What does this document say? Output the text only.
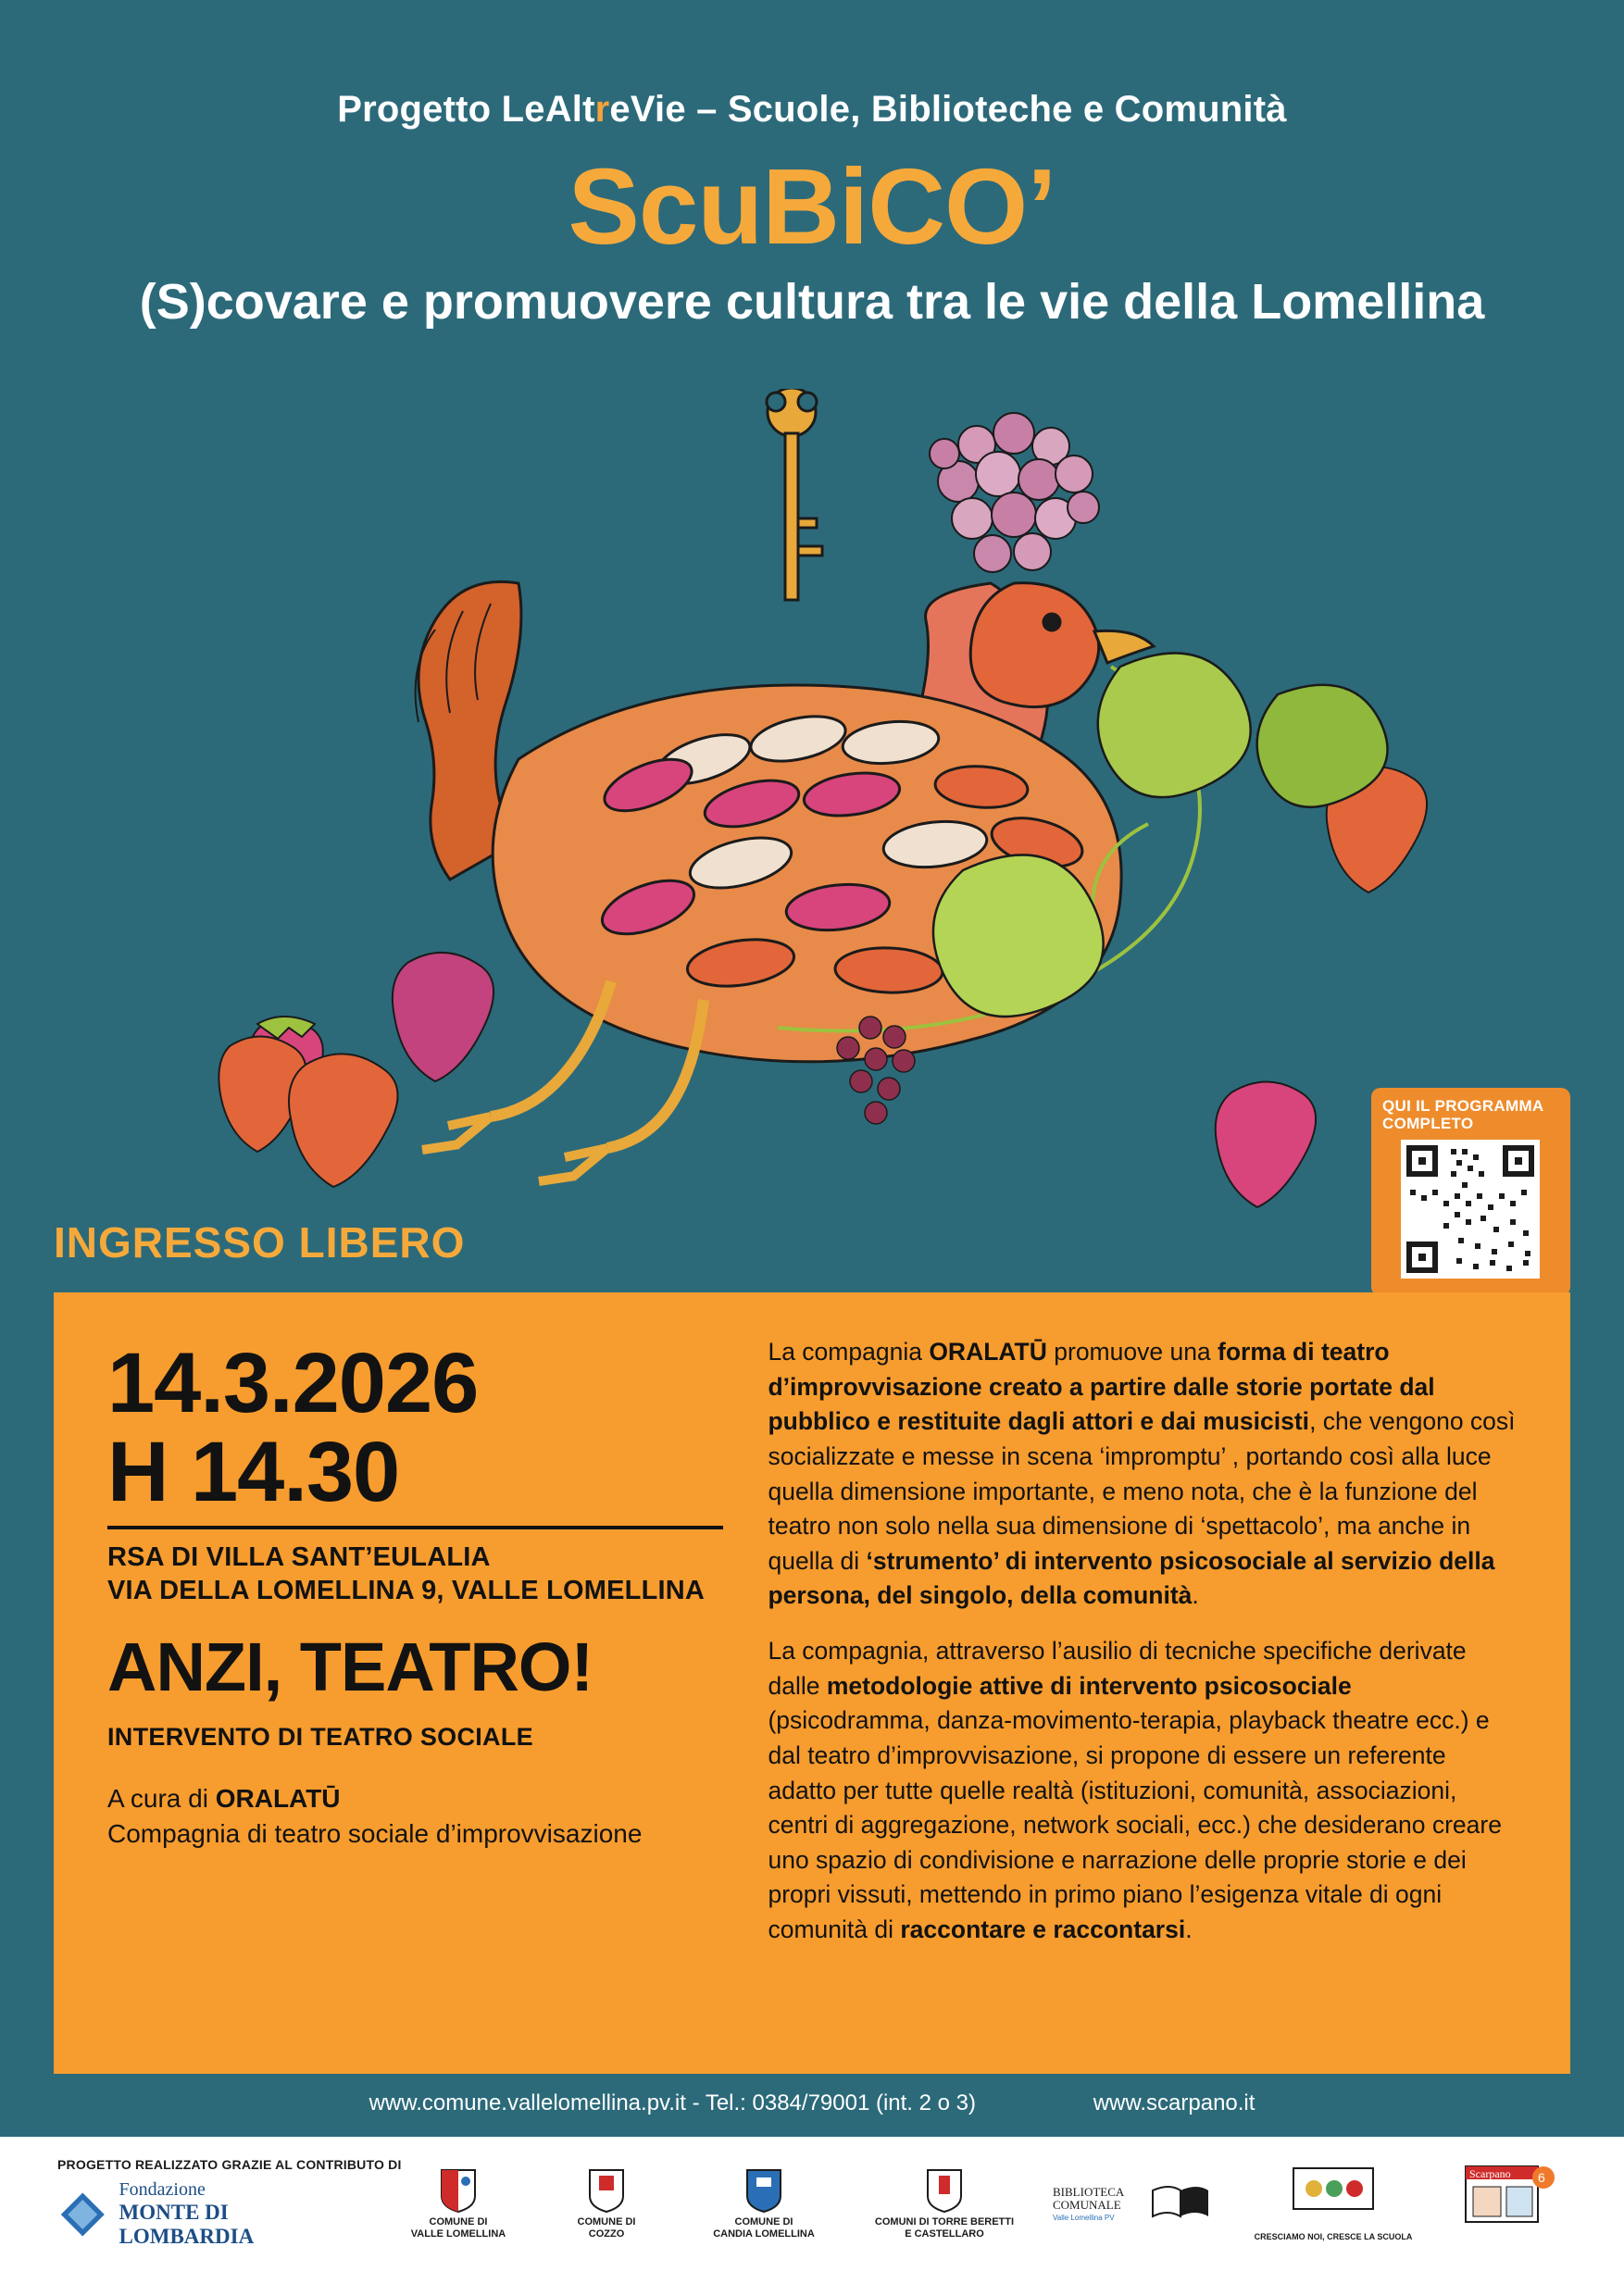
Progetto LeAltreVie – Scuole, Biblioteche e Comunità
ScuBiCO’
(S)covare e promuovere cultura tra le vie della Lomellina
QUI IL PROGRAMMA
COMPLETO
INGRESSO LIBERO
14.3.2026
H 14.30
RSA DI VILLA SANT’EULALIA
VIA DELLA LOMELLINA 9, VALLE LOMELLINA
ANZI, TEATRO!
INTERVENTO DI TEATRO SOCIALE
A cura di ORALATŪ
Compagnia di teatro sociale d’improvvisazione

La compagnia ORALATŪ promuove una forma di teatro d’improvvisazione creato a partire dalle storie portate dal pubblico e restituite dagli attori e dai musicisti, che vengono così socializzate e messe in scena ‘impromptu’ , portando così alla luce quella dimensione importante, e meno nota, che è la funzione del teatro non solo nella sua dimensione di ‘spettacolo’, ma anche in quella di ‘strumento’ di intervento psicosociale al servizio della persona, del singolo, della comunità.

La compagnia, attraverso l’ausilio di tecniche specifiche derivate dalle metodologie attive di intervento psicosociale (psicodramma, danza-movimento-terapia, playback theatre ecc.) e dal teatro d’improvvisazione, si propone di essere un referente adatto per tutte quelle realtà (istituzioni, comunità, associazioni, centri di aggregazione, network sociali, ecc.) che desiderano creare uno spazio di condivisione e narrazione delle proprie storie e dei propri vissuti, mettendo in primo piano l’esigenza vitale di ogni comunità di raccontare e raccontarsi.

www.comune.vallelomellina.pv.it - Tel.: 0384/79001 (int. 2 o 3)	www.scarpano.it
PROGETTO REALIZZATO GRAZIE AL CONTRIBUTO DI
Fondazione
MONTE DI LOMBARDIA
COMUNE DI
VALLE LOMELLINA
COMUNE DI
COZZO
COMUNE DI
CANDIA LOMELLINA
COMUNI DI TORRE BERETTI
E CASTELLARO
BIBLIOTECA
COMUNALE
Valle Lomellina PV
CRESCIAMO NOI, CRESCE LA SCUOLA
Scarpano 6
